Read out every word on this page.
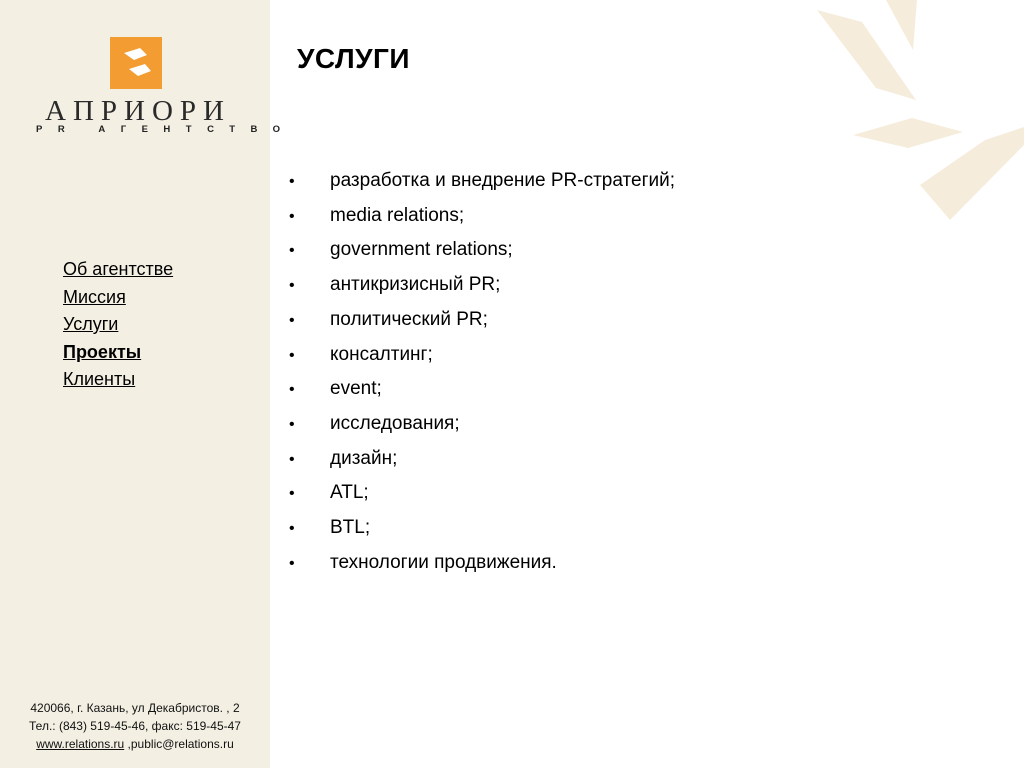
АПРИОРИ
PR АГЕНТСТВО
Об агентстве
Миссия
Услуги
Проекты
Клиенты
420066, г. Казань, ул Декабристов. , 2
Тел.: (843) 519-45-46, факс: 519-45-47
www.relations.ru ,public@relations.ru
УСЛУГИ
• разработка и внедрение PR-стратегий;
• media relations;
• government relations;
• антикризисный PR;
• политический PR;
• консалтинг;
• event;
• исследования;
• дизайн;
• ATL;
• BTL;
• технологии продвижения.
